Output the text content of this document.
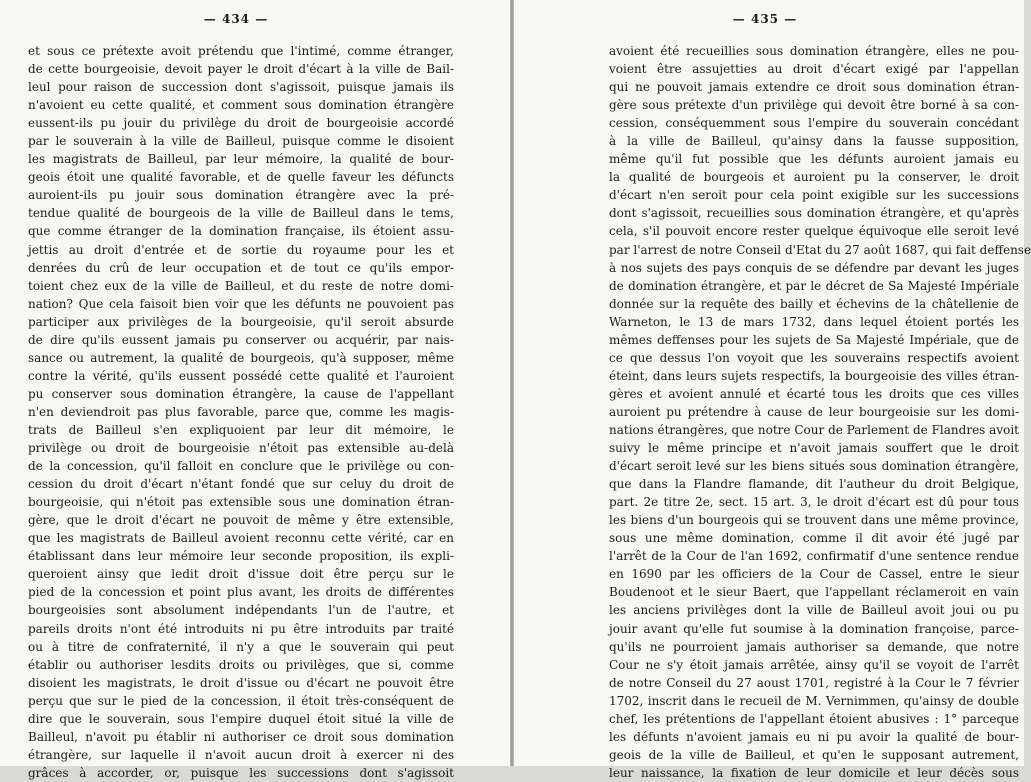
— 434 —
et sous ce prétexte avoit prétendu que l'intimé, comme étranger,
de cette bourgeoisie, devoit payer le droit d'écart à la ville de Bail-
leul pour raison de succession dont s'agissoit, puisque jamais ils
n'avoient eu cette qualité, et comment sous domination étrangère
eussent-ils pu jouir du privilège du droit de bourgeoisie accordé
par le souverain à la ville de Bailleul, puisque comme le disoient
les magistrats de Bailleul, par leur mémoire, la qualité de bour-
geois étoit une qualité favorable, et de quelle faveur les défuncts
auroient-ils pu jouir sous domination étrangère avec la pré-
tendue qualité de bourgeois de la ville de Bailleul dans le tems,
que comme étranger de la domination française, ils étoient assu-
jettis au droit d'entrée et de sortie du royaume pour les et
denrées du crû de leur occupation et de tout ce qu'ils empor-
toient chez eux de la ville de Bailleul, et du reste de notre domi-
nation? Que cela faisoit bien voir que les défunts ne pouvoient pas
participer aux privilèges de la bourgeoisie, qu'il seroit absurde
de dire qu'ils eussent jamais pu conserver ou acquérir, par nais-
sance ou autrement, la qualité de bourgeois, qu'à supposer, même
contre la vérité, qu'ils eussent possédé cette qualité et l'auroient
pu conserver sous domination étrangère, la cause de l'appellant
n'en deviendroit pas plus favorable, parce que, comme les magis-
trats de Bailleul s'en expliquoient par leur dit mémoire, le
privilège ou droit de bourgeoisie n'étoit pas extensible au-delà
de la concession, qu'il falloit en conclure que le privilège ou con-
cession du droit d'écart n'étant fondé que sur celuy du droit de
bourgeoisie, qui n'étoit pas extensible sous une domination étran-
gère, que le droit d'écart ne pouvoit de même y être extensible,
que les magistrats de Bailleul avoient reconnu cette vérité, car en
établissant dans leur mémoire leur seconde proposition, ils expli-
queroient ainsy que ledit droit d'issue doit être perçu sur le
pied de la concession et point plus avant, les droits de différentes
bourgeoisies sont absolument indépendants l'un de l'autre, et
pareils droits n'ont été introduits ni pu être introduits par traité
ou à titre de confraternité, il n'y a que le souverain qui peut
établir ou authoriser lesdits droits ou privilèges, que si, comme
disoient les magistrats, le droit d'issue ou d'écart ne pouvoit être
perçu que sur le pied de la concession, il étoit très-conséquent de
dire que le souverain, sous l'empire duquel étoit situé la ville de
Bailleul, n'avoit pu établir ni authoriser ce droit sous domination
étrangère, sur laquelle il n'avoit aucun droit à exercer ni des
grâces à accorder, or, puisque les successions dont s'agissoit
— 435 —
avoient été recueillies sous domination étrangère, elles ne pou-
voient être assujetties au droit d'écart exigé par l'appellan
qui ne pouvoit jamais extendre ce droit sous domination étran-
gère sous prétexte d'un privilège qui devoit être borné à sa con-
cession, conséquemment sous l'empire du souverain concédant
à la ville de Bailleul, qu'ainsy dans la fausse supposition,
même qu'il fut possible que les défunts auroient jamais eu
la qualité de bourgeois et auroient pu la conserver, le droit
d'écart n'en seroit pour cela point exigible sur les successions
dont s'agissoit, recueillies sous domination étrangère, et qu'après
cela, s'il pouvoit encore rester quelque équivoque elle seroit levé
par l'arrest de notre Conseil d'Etat du 27 août 1687, qui fait deffense
à nos sujets des pays conquis de se défendre par devant les juges
de domination étrangère, et par le décret de Sa Majesté Impériale
donnée sur la requête des bailly et échevins de la châtellenie de
Warneton, le 13 de mars 1732, dans lequel étoient portés les
mêmes deffenses pour les sujets de Sa Majesté Impériale, que de
ce que dessus l'on voyoit que les souverains respectifs avoient
éteint, dans leurs sujets respectifs, la bourgeoisie des villes étran-
gères et avoient annulé et écarté tous les droits que ces villes
auroient pu prétendre à cause de leur bourgeoisie sur les domi-
nations étrangères, que notre Cour de Parlement de Flandres avoit
suivy le même principe et n'avoit jamais souffert que le droit
d'écart seroit levé sur les biens situés sous domination étrangère,
que dans la Flandre flamande, dit l'autheur du droit Belgique,
part. 2e titre 2e, sect. 15 art. 3, le droit d'écart est dû pour tous
les biens d'un bourgeois qui se trouvent dans une même province,
sous une même domination, comme il dit avoir été jugé par
l'arrêt de la Cour de l'an 1692, confirmatif d'une sentence rendue
en 1690 par les officiers de la Cour de Cassel, entre le sieur
Boudenoot et le sieur Baert, que l'appellant réclameroit en vain
les anciens privilèges dont la ville de Bailleul avoit joui ou pu
jouir avant qu'elle fut soumise à la domination françoise, parce-
qu'ils ne pourroient jamais authoriser sa demande, que notre
Cour ne s'y étoit jamais arrêtée, ainsy qu'il se voyoit de l'arrêt
de notre Conseil du 27 aoust 1701, registré à la Cour le 7 février
1702, inscrit dans le recueil de M. Vernimmen, qu'ainsy de double
chef, les prétentions de l'appellant étoient abusives : 1° parceque
les défunts n'avoient jamais eu ni pu avoir la qualité de bour-
geois de la ville de Bailleul, et qu'en le supposant autrement,
leur naissance, la fixation de leur domicile et leur décès sous
